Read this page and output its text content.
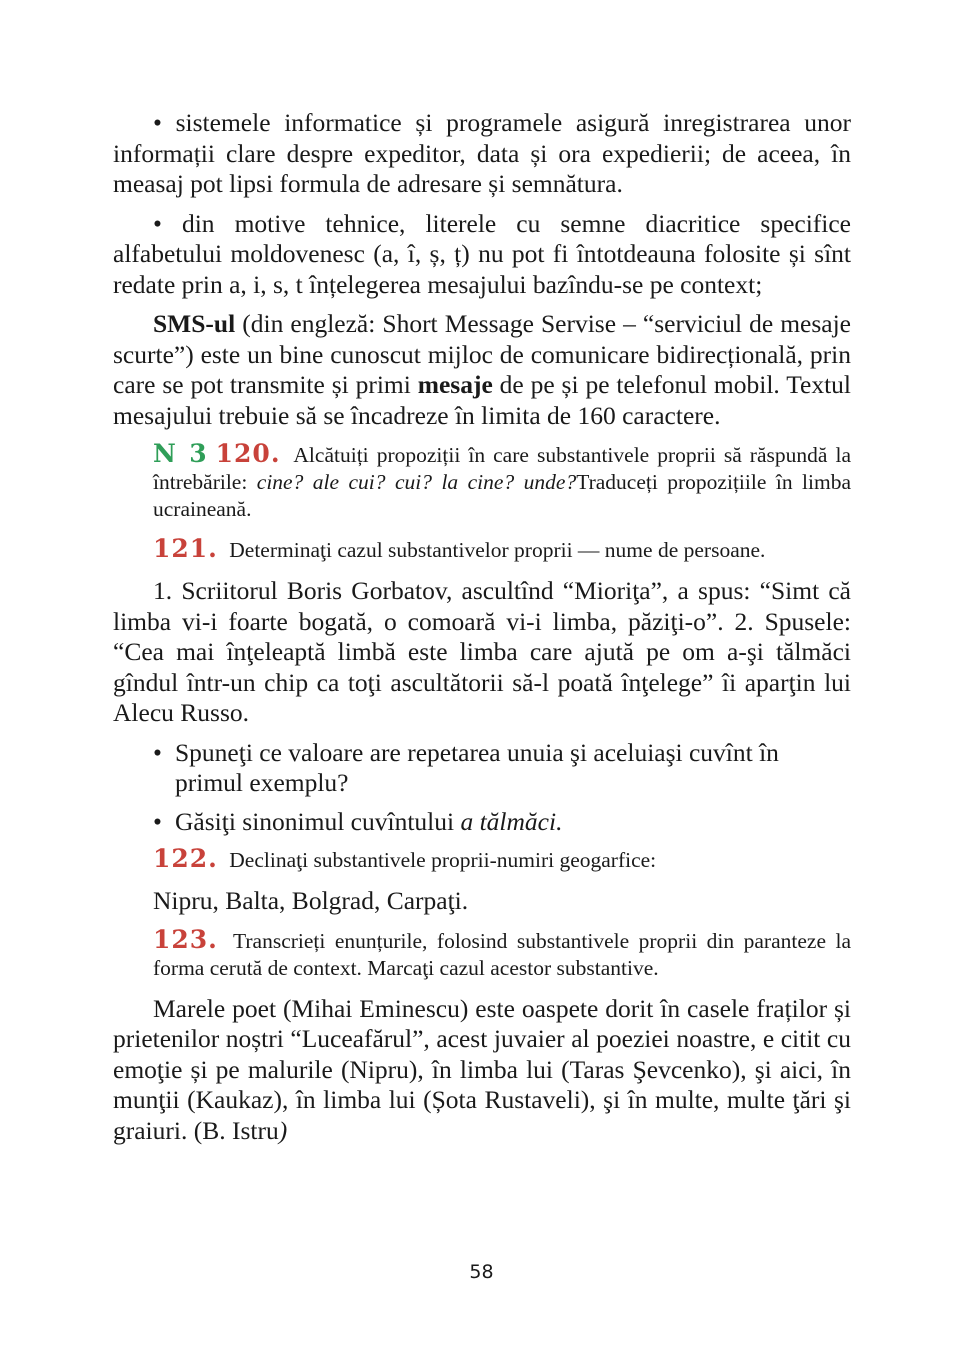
• sistemele informatice și programele asigură inregistrarea unor informații clare despre expeditor, data și ora expedierii; de aceea, în measaj pot lipsi formula de adresare și semnătura.

• din motive tehnice, literele cu semne diacritice specifice alfabetului moldovenesc (a, î, ș, ț) nu pot fi întotdeauna folosite și sînt redate prin a, i, s, t înțelegerea mesajului bazîndu-se pe context;

SMS-ul (din engleză: Short Message Servise – “serviciul de mesaje scurte”) este un bine cunoscut mijloc de comunicare bidirecțională, prin care se pot transmite și primi mesaje de pe și pe telefonul mobil. Textul mesajului trebuie să se încadreze în limita de 160 caractere.

N 3 120. Alcătuiți propoziții în care substantivele proprii să răspundă la întrebările: cine? ale cui? cui? la cine? unde?Traduceți propozițiile în limba ucraineană.

121. Determinaţi cazul substantivelor proprii — nume de persoane.

1. Scriitorul Boris Gorbatov, ascultînd “Mioriţa”, a spus: “Simt că limba vi-i foarte bogată, o comoară vi-i limba, păziţi-o”. 2. Spusele: “Cea mai înţeleaptă limbă este limba care ajută pe om a-şi tălmăci gîndul într-un chip ca toţi ascultătorii să-l poată înţelege” îi aparţin lui Alecu Russo.

• Spuneţi ce valoare are repetarea unuia şi aceluiaşi cuvînt în primul exemplu?
• Găsiţi sinonimul cuvîntului a tălmăci.

122. Declinaţi substantivele proprii-numiri geogarfice:

Nipru, Balta, Bolgrad, Carpaţi.

123. Transcrieți enunțurile, folosind substantivele proprii din paranteze la forma cerută de context. Marcaţi cazul acestor substantive.

Marele poet (Mihai Eminescu) este oaspete dorit în casele fraților și prietenilor noștri “Luceafărul”, acest juvaier al poeziei noastre, e citit cu emoţie și pe malurile (Nipru), în limba lui (Taras Şevcenko), şi aici, în munţii (Kaukaz), în limba lui (Șota Rustaveli), şi în multe, multe ţări şi graiuri. (B. Istru)

58
